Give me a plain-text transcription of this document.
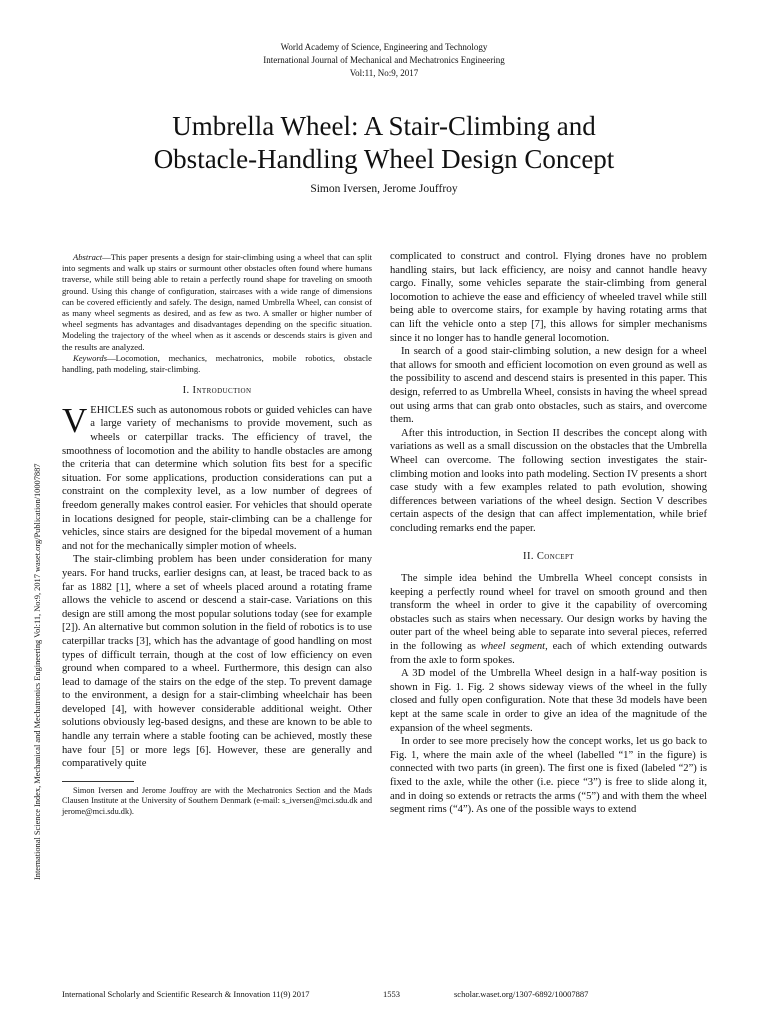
World Academy of Science, Engineering and Technology
International Journal of Mechanical and Mechatronics Engineering
Vol:11, No:9, 2017
Umbrella Wheel: A Stair-Climbing and
Obstacle-Handling Wheel Design Concept
Simon Iversen, Jerome Jouffroy
International Science Index, Mechanical and Mechatronics Engineering Vol:11, No:9, 2017 waset.org/Publication/10007887

Abstract—This paper presents a design for stair-climbing using a wheel that can split into segments and walk up stairs or surmount other obstacles often found where humans traverse, while still being able to retain a perfectly round shape for traveling on smooth ground. Using this change of configuration, staircases with a wide range of dimensions can be covered efficiently and safely. The design, named Umbrella Wheel, can consist of as many wheel segments as desired, and as few as two. A smaller or higher number of wheel segments has advantages and disadvantages depending on the specific situation. Modeling the trajectory of the wheel when as it ascends or descends stairs is given and the results are analyzed.

Keywords—Locomotion, mechanics, mechatronics, mobile robotics, obstacle handling, path modeling, stair-climbing.

I. Introduction

VEHICLES such as autonomous robots or guided vehicles can have a large variety of mechanisms to provide movement, such as wheels or caterpillar tracks. The efficiency of travel, the smoothness of locomotion and the ability to handle obstacles are among the criteria that can determine which solution fits best for a specific situation. For some applications, production considerations can put a constraint on the complexity level, as a low number of degrees of freedom generally makes control easier. For vehicles that should operate in locations designed for people, stair-climbing can be a challenge for vehicles, since stairs are designed for the bipedal movement of a human and not for the mechanically simpler motion of wheels.

The stair-climbing problem has been under consideration for many years. For hand trucks, earlier designs can, at least, be traced back to as far as 1882 [1], where a set of wheels placed around a rotating frame allows the vehicle to ascend or descend a stair-case. Variations on this design are still among the most popular solutions today (see for example [2]). An alternative but common solution in the field of robotics is to use caterpillar tracks [3], which has the advantage of good handling on most types of difficult terrain, though at the cost of low efficiency on even ground when compared to a wheel. Furthermore, this design can also lead to damage of the stairs on the edge of the step. To prevent damage to the environment, a design for a stair-climbing wheelchair has been developed [4], with however considerable additional weight. Other solutions obviously leg-based designs, and these are known to be able to handle any terrain where a stable footing can be achieved, mostly these have four [5] or more legs [6]. However, these are generally and comparatively quite

Simon Iversen and Jerome Jouffroy are with the Mechatronics Section and the Mads Clausen Institute at the University of Southern Denmark (e-mail: s_iversen@mci.sdu.dk and jerome@mci.sdu.dk).

complicated to construct and control. Flying drones have no problem handling stairs, but lack efficiency, are noisy and cannot handle heavy cargo. Finally, some vehicles separate the stair-climbing from general locomotion to achieve the ease and efficiency of wheeled travel while still being able to overcome stairs, for example by having rotating arms that can lift the vehicle onto a step [7], this allows for simpler mechanisms since it no longer has to handle general locomotion.

In search of a good stair-climbing solution, a new design for a wheel that allows for smooth and efficient locomotion on even ground as well as the possibility to ascend and descend stairs is presented in this paper. This design, referred to as Umbrella Wheel, consists in having the wheel spread out using arms that can grab onto obstacles, such as stairs, and overcome them.

After this introduction, in Section II describes the concept along with variations as well as a small discussion on the obstacles that the Umbrella Wheel can overcome. The following section investigates the stair-climbing motion and looks into path modeling. Section IV presents a short case study with a few examples related to path evolution, showing differences between variations of the wheel design. Section V describes certain aspects of the design that can affect implementation, while brief concluding remarks end the paper.

II. Concept

The simple idea behind the Umbrella Wheel concept consists in keeping a perfectly round wheel for travel on smooth ground and then transform the wheel in order to give it the capability of overcoming obstacles such as stairs when necessary. Our design works by having the outer part of the wheel being able to separate into several pieces, referred in the following as wheel segment, each of which extending outwards from the axle to form spokes.

A 3D model of the Umbrella Wheel design in a half-way position is shown in Fig. 1. Fig. 2 shows sideway views of the wheel in the fully closed and fully open configuration. Note that these 3d models have been kept at the same scale in order to give an idea of the magnitude of the expansion of the wheel segments.

In order to see more precisely how the concept works, let us go back to Fig. 1, where the main axle of the wheel (labelled “1” in the figure) is connected with two parts (in green). The first one is fixed (labeled “2”) is fixed to the axle, while the other (i.e. piece “3”) is free to slide along it, and in doing so extends or retracts the arms (“5”) and with them the wheel segment rims (“4”). As one of the possible ways to extend

International Scholarly and Scientific Research & Innovation 11(9) 2017	1553	scholar.waset.org/1307-6892/10007887
